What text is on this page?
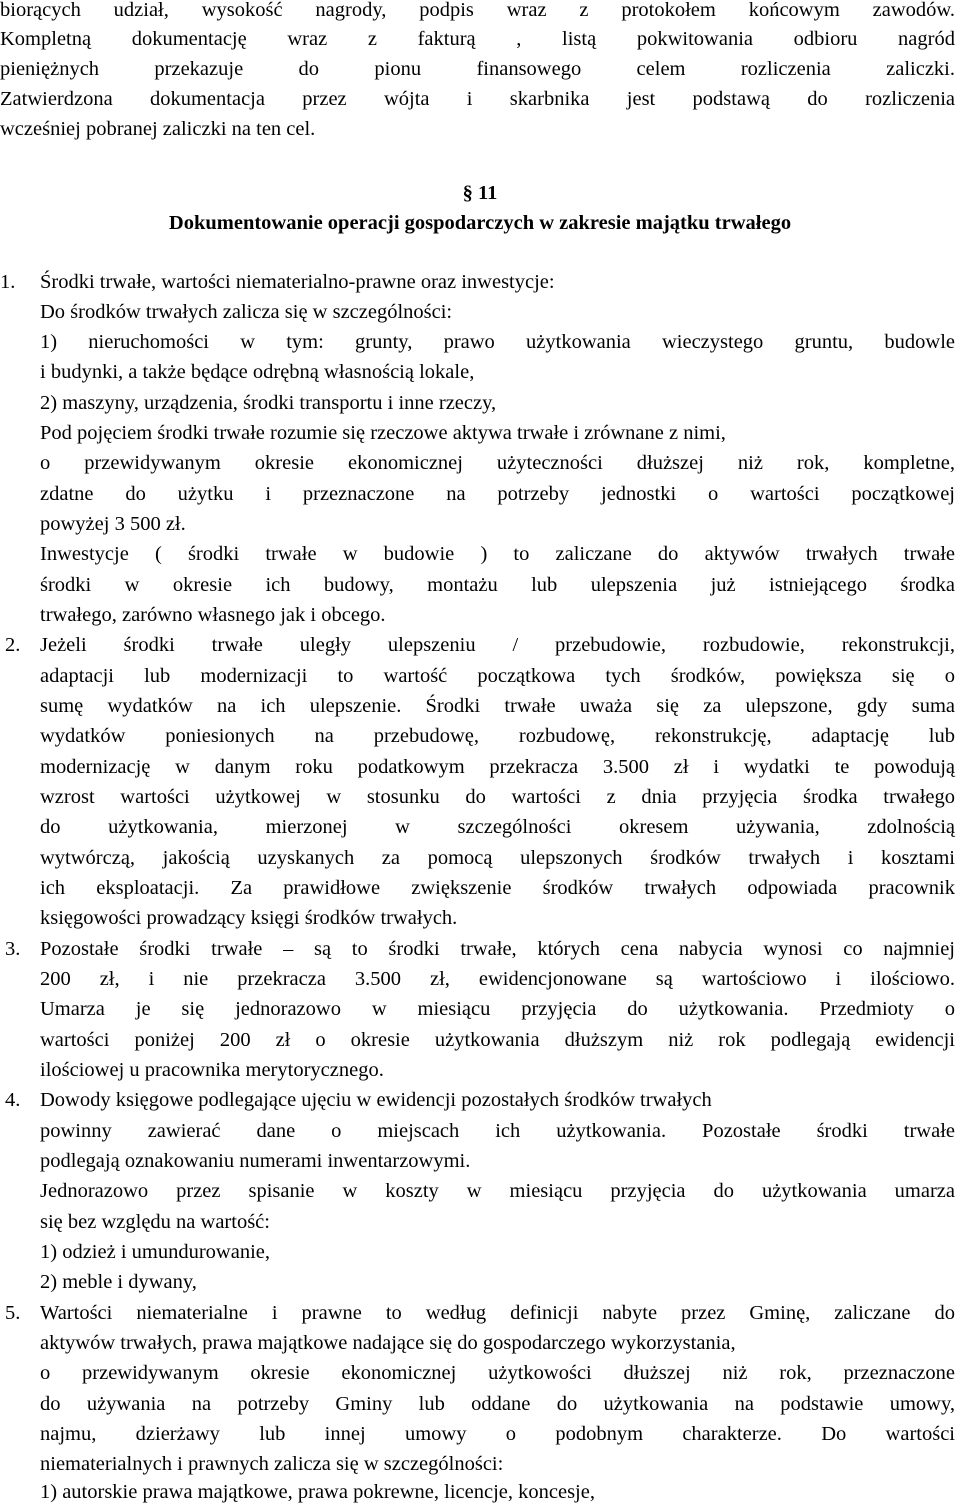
biorących udział, wysokość nagrody, podpis wraz z protokołem końcowym zawodów.
Kompletną dokumentację wraz z fakturą , listą pokwitowania odbioru nagród
pieniężnych przekazuje do pionu finansowego celem rozliczenia zaliczki.
Zatwierdzona dokumentacja przez wójta i skarbnika jest podstawą do rozliczenia
wcześniej pobranej zaliczki na ten cel.
§ 11
Dokumentowanie operacji gospodarczych w zakresie majątku trwałego
1. Środki trwałe, wartości niematerialno-prawne oraz inwestycje:
Do środków trwałych zalicza się w szczególności:
1) nieruchomości w tym: grunty, prawo użytkowania wieczystego gruntu, budowle
i budynki, a także będące odrębną własnością lokale,
2) maszyny, urządzenia, środki transportu i inne rzeczy,
Pod pojęciem środki trwałe rozumie się rzeczowe aktywa trwałe i zrównane z nimi,
o przewidywanym okresie ekonomicznej użyteczności dłuższej niż rok, kompletne,
zdatne do użytku i przeznaczone na potrzeby jednostki o wartości początkowej
powyżej 3 500 zł.
Inwestycje ( środki trwałe w budowie ) to zaliczane do aktywów trwałych trwałe
środki w okresie ich budowy, montażu lub ulepszenia już istniejącego środka
trwałego, zarówno własnego jak i obcego.
2. Jeżeli środki trwałe uległy ulepszeniu / przebudowie, rozbudowie, rekonstrukcji,
adaptacji lub modernizacji to wartość początkowa tych środków, powiększa się o
sumę wydatków na ich ulepszenie. Środki trwałe uważa się za ulepszone, gdy suma
wydatków poniesionych na przebudowę, rozbudowę, rekonstrukcję, adaptację lub
modernizację w danym roku podatkowym przekracza 3.500 zł i wydatki te powodują
wzrost wartości użytkowej w stosunku do wartości z dnia przyjęcia środka trwałego
do użytkowania, mierzonej w szczególności okresem używania, zdolnością
wytwórczą, jakością uzyskanych za pomocą ulepszonych środków trwałych i kosztami
ich eksploatacji. Za prawidłowe zwiększenie środków trwałych odpowiada pracownik
księgowości prowadzący księgi środków trwałych.
3. Pozostałe środki trwałe – są to środki trwałe, których cena nabycia wynosi co najmniej
200 zł, i nie przekracza 3.500 zł, ewidencjonowane są wartościowo i ilościowo.
Umarza je się jednorazowo w miesiącu przyjęcia do użytkowania. Przedmioty o
wartości poniżej 200 zł o okresie użytkowania dłuższym niż rok podlegają ewidencji
ilościowej u pracownika merytorycznego.
4. Dowody księgowe podlegające ujęciu w ewidencji pozostałych środków trwałych
powinny zawierać dane o miejscach ich użytkowania. Pozostałe środki trwałe
podlegają oznakowaniu numerami inwentarzowymi.
Jednorazowo przez spisanie w koszty w miesiącu przyjęcia do użytkowania umarza
się bez względu na wartość:
1) odzież i umundurowanie,
2) meble i dywany,
5. Wartości niematerialne i prawne to według definicji nabyte przez Gminę, zaliczane do
aktywów trwałych, prawa majątkowe nadające się do gospodarczego wykorzystania,
o przewidywanym okresie ekonomicznej użytkowości dłuższej niż rok, przeznaczone
do używania na potrzeby Gminy lub oddane do użytkowania na podstawie umowy,
najmu, dzierżawy lub innej umowy o podobnym charakterze. Do wartości
niematerialnych i prawnych zalicza się w szczególności:
1) autorskie prawa majątkowe, prawa pokrewne, licencje, koncesje,
